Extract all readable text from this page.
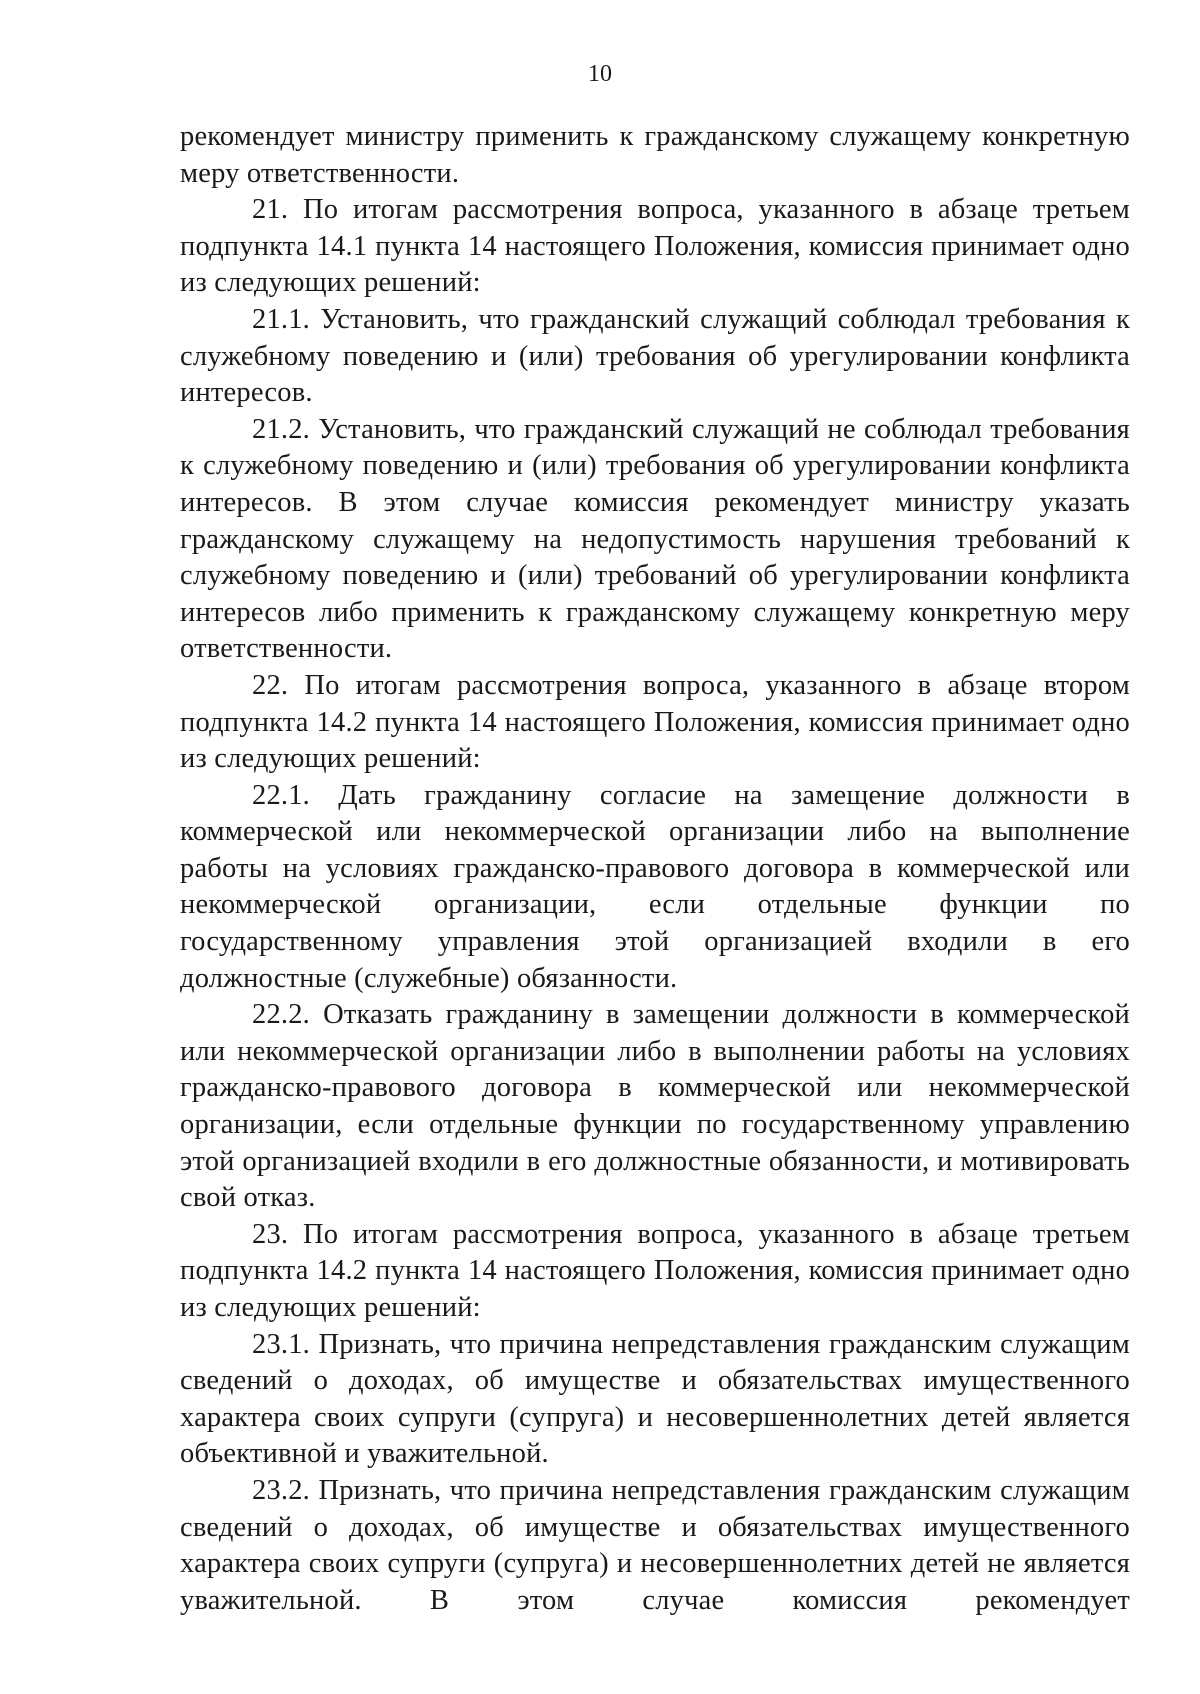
10

рекомендует министру применить к гражданскому служащему конкретную меру ответственности.

21. По итогам рассмотрения вопроса, указанного в абзаце третьем подпункта 14.1 пункта 14 настоящего Положения, комиссия принимает одно из следующих решений:

21.1. Установить, что гражданский служащий соблюдал требования к служебному поведению и (или) требования об урегулировании конфликта интересов.

21.2. Установить, что гражданский служащий не соблюдал требования к служебному поведению и (или) требования об урегулировании конфликта интересов. В этом случае комиссия рекомендует министру указать гражданскому служащему на недопустимость нарушения требований к служебному поведению и (или) требований об урегулировании конфликта интересов либо применить к гражданскому служащему конкретную меру ответственности.

22. По итогам рассмотрения вопроса, указанного в абзаце втором подпункта 14.2 пункта 14 настоящего Положения, комиссия принимает одно из следующих решений:

22.1. Дать гражданину согласие на замещение должности в коммерческой или некоммерческой организации либо на выполнение работы на условиях гражданско-правового договора в коммерческой или некоммерческой организации, если отдельные функции по государственному управления этой организацией входили в его должностные (служебные) обязанности.

22.2. Отказать гражданину в замещении должности в коммерческой или некоммерческой организации либо в выполнении работы на условиях гражданско-правового договора в коммерческой или некоммерческой организации, если отдельные функции по государственному управлению этой организацией входили в его должностные обязанности, и мотивировать свой отказ.

23. По итогам рассмотрения вопроса, указанного в абзаце третьем подпункта 14.2 пункта 14 настоящего Положения, комиссия принимает одно из следующих решений:

23.1. Признать, что причина непредставления гражданским служащим сведений о доходах, об имуществе и обязательствах имущественного характера своих супруги (супруга) и несовершеннолетних детей является объективной и уважительной.

23.2. Признать, что причина непредставления гражданским служащим сведений о доходах, об имуществе и обязательствах имущественного характера своих супруги (супруга) и несовершеннолетних детей не является уважительной. В этом случае комиссия рекомендует
